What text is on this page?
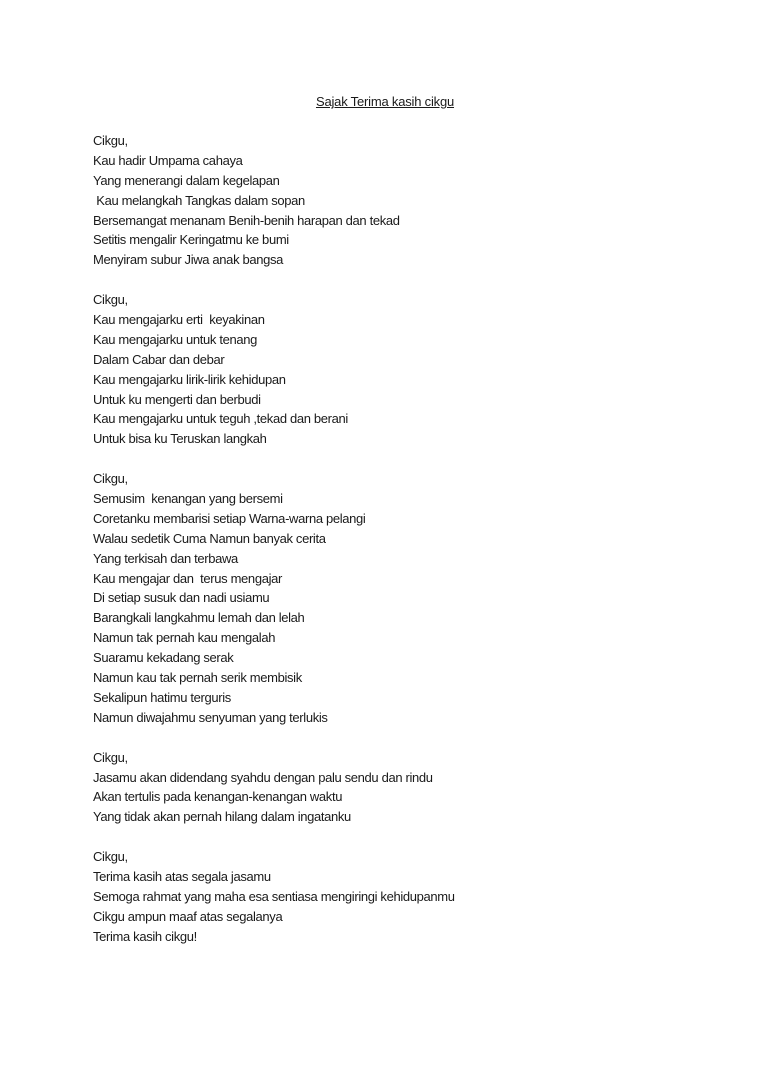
Sajak Terima kasih cikgu
Cikgu,
Kau hadir Umpama cahaya
Yang menerangi dalam kegelapan
Kau melangkah Tangkas dalam sopan
Bersemangat menanam Benih-benih harapan dan tekad
Setitis mengalir Keringatmu ke bumi
Menyiram subur Jiwa anak bangsa
Cikgu,
Kau mengajarku erti  keyakinan
Kau mengajarku untuk tenang
Dalam Cabar dan debar
Kau mengajarku lirik-lirik kehidupan
Untuk ku mengerti dan berbudi
Kau mengajarku untuk teguh ,tekad dan berani
Untuk bisa ku Teruskan langkah
Cikgu,
Semusim  kenangan yang bersemi
Coretanku membarisi setiap Warna-warna pelangi
Walau sedetik Cuma Namun banyak cerita
Yang terkisah dan terbawa
Kau mengajar dan  terus mengajar
Di setiap susuk dan nadi usiamu
Barangkali langkahmu lemah dan lelah
Namun tak pernah kau mengalah
Suaramu kekadang serak
Namun kau tak pernah serik membisik
Sekalipun hatimu terguris
Namun diwajahmu senyuman yang terlukis
Cikgu,
Jasamu akan didendang syahdu dengan palu sendu dan rindu
Akan tertulis pada kenangan-kenangan waktu
Yang tidak akan pernah hilang dalam ingatanku
Cikgu,
Terima kasih atas segala jasamu
Semoga rahmat yang maha esa sentiasa mengiringi kehidupanmu
Cikgu ampun maaf atas segalanya
Terima kasih cikgu!
